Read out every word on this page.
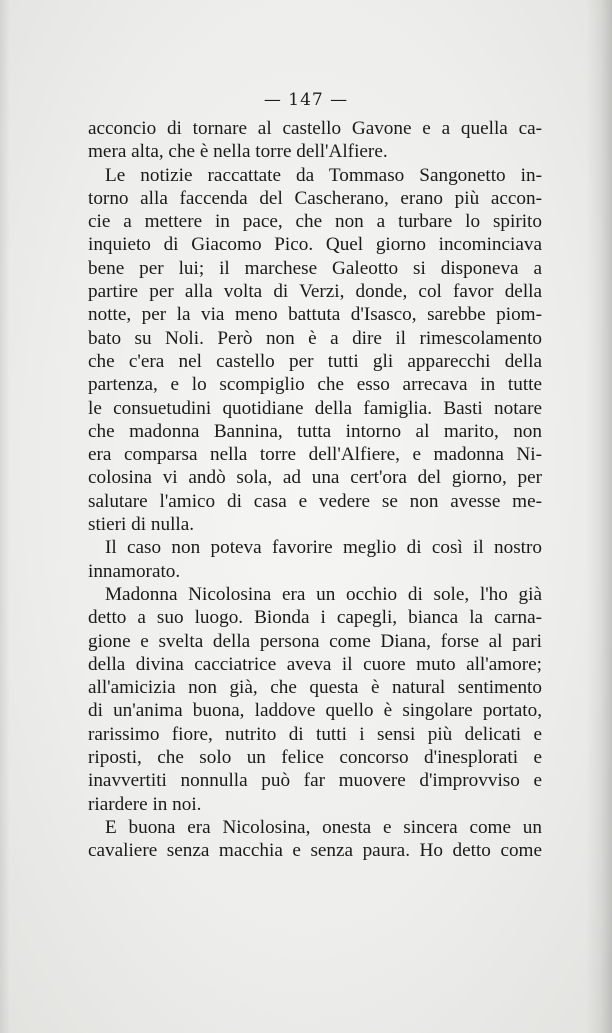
— 147 —
acconcio di tornare al castello Gavone e a quella ca-
mera alta, che è nella torre dell'Alfiere.
Le notizie raccattate da Tommaso Sangonetto in-
torno alla faccenda del Cascherano, erano più accon-
cie a mettere in pace, che non a turbare lo spirito
inquieto di Giacomo Pico. Quel giorno incominciava
bene per lui; il marchese Galeotto si disponeva a
partire per alla volta di Verzi, donde, col favor della
notte, per la via meno battuta d'Isasco, sarebbe piom-
bato su Noli. Però non è a dire il rimescolamento
che c'era nel castello per tutti gli apparecchi della
partenza, e lo scompiglio che esso arrecava in tutte
le consuetudini quotidiane della famiglia. Basti notare
che madonna Bannina, tutta intorno al marito, non
era comparsa nella torre dell'Alfiere, e madonna Ni-
colosina vi andò sola, ad una cert'ora del giorno, per
salutare l'amico di casa e vedere se non avesse me-
stieri di nulla.
Il caso non poteva favorire meglio di così il nostro
innamorato.
Madonna Nicolosina era un occhio di sole, l'ho già
detto a suo luogo. Bionda i capegli, bianca la carna-
gione e svelta della persona come Diana, forse al pari
della divina cacciatrice aveva il cuore muto all'amore;
all'amicizia non già, che questa è natural sentimento
di un'anima buona, laddove quello è singolare portato,
rarissimo fiore, nutrito di tutti i sensi più delicati e
riposti, che solo un felice concorso d'inesplorati e
inavvertiti nonnulla può far muovere d'improvviso e
riardere in noi.
E buona era Nicolosina, onesta e sincera come un
cavaliere senza macchia e senza paura. Ho detto come
